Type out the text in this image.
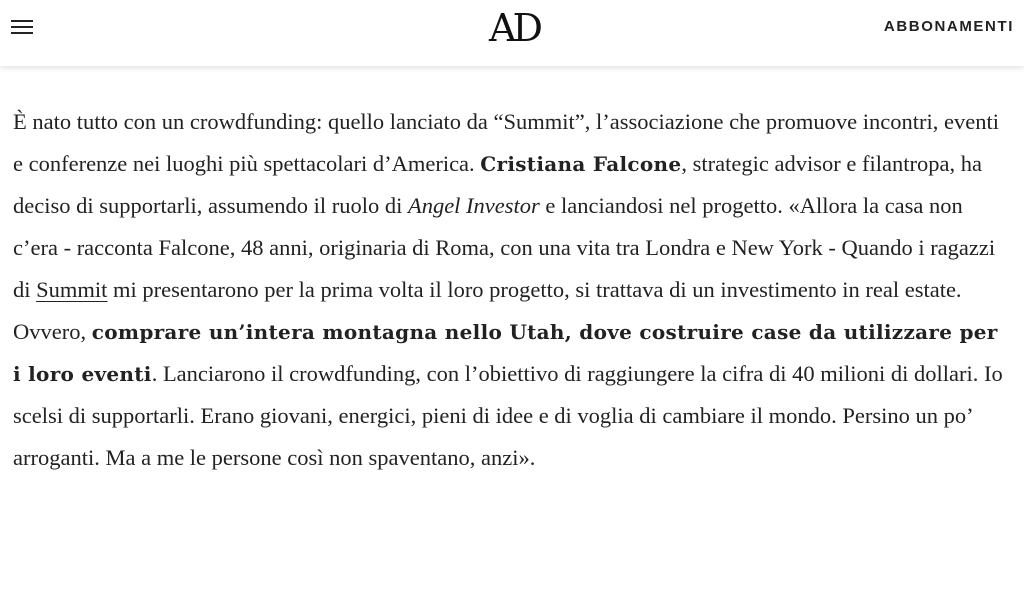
AD	ABBONAMENTI

È nato tutto con un crowdfunding: quello lanciato da “Summit”, l’associazione che promuove incontri, eventi e conferenze nei luoghi più spettacolari d’America. Cristiana Falcone, strategic advisor e filantropa, ha deciso di supportarli, assumendo il ruolo di Angel Investor e lanciandosi nel progetto. «Allora la casa non c’era - racconta Falcone, 48 anni, originaria di Roma, con una vita tra Londra e New York - Quando i ragazzi di Summit mi presentarono per la prima volta il loro progetto, si trattava di un investimento in real estate. Ovvero, comprare un’intera montagna nello Utah, dove costruire case da utilizzare per i loro eventi. Lanciarono il crowdfunding, con l’obiettivo di raggiungere la cifra di 40 milioni di dollari. Io scelsi di supportarli. Erano giovani, energici, pieni di idee e di voglia di cambiare il mondo. Persino un po’ arroganti. Ma a me le persone così non spaventano, anzi».
